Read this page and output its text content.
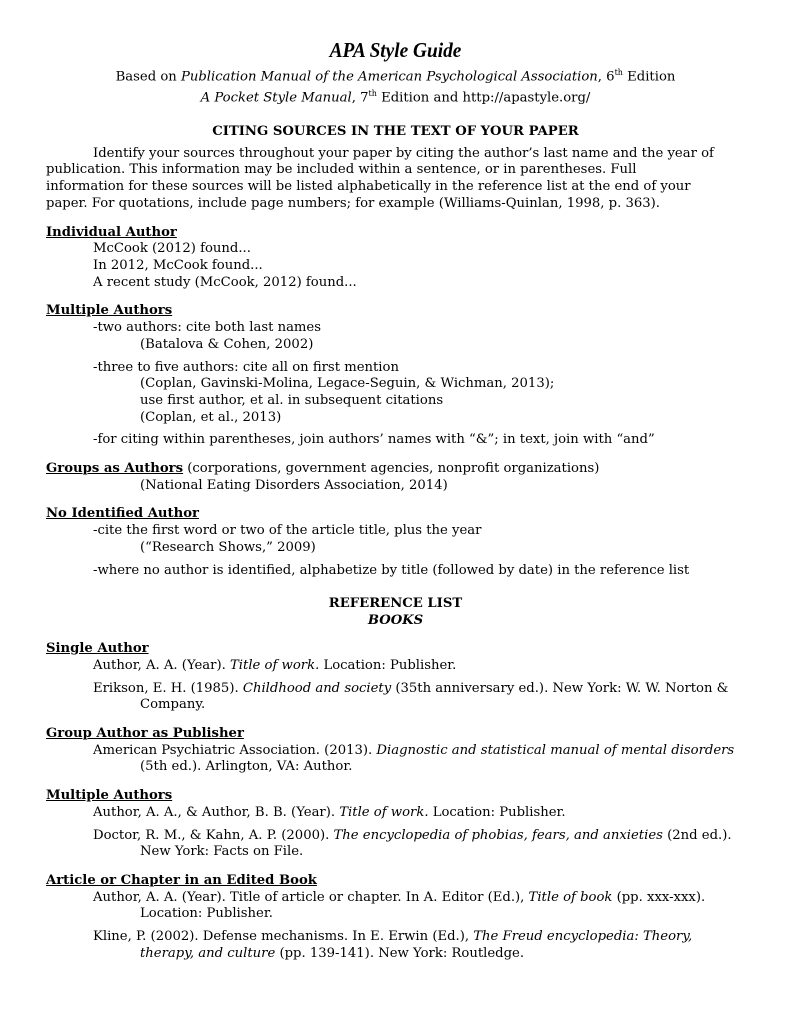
APA Style Guide

Based on Publication Manual of the American Psychological Association, 6th Edition

A Pocket Style Manual, 7th Edition and http://apastyle.org/

CITING SOURCES IN THE TEXT OF YOUR PAPER

Identify your sources throughout your paper by citing the author’s last name and the year of

publication. This information may be included within a sentence, or in parentheses. Full

information for these sources will be listed alphabetically in the reference list at the end of your

paper. For quotations, include page numbers; for example (Williams-Quinlan, 1998, p. 363).

Individual Author

McCook (2012) found...

In 2012, McCook found...

A recent study (McCook, 2012) found...

Multiple Authors

-two authors: cite both last names

(Batalova & Cohen, 2002)

-three to five authors: cite all on first mention

(Coplan, Gavinski-Molina, Legace-Seguin, & Wichman, 2013);

use first author, et al. in subsequent citations

(Coplan, et al., 2013)

-for citing within parentheses, join authors’ names with “&”; in text, join with “and”

Groups as Authors (corporations, government agencies, nonprofit organizations)

(National Eating Disorders Association, 2014)

No Identified Author

-cite the first word or two of the article title, plus the year

(“Research Shows,” 2009)

-where no author is identified, alphabetize by title (followed by date) in the reference list

REFERENCE LIST
BOOKS

Single Author

Author, A. A. (Year). Title of work. Location: Publisher.

Erikson, E. H. (1985). Childhood and society (35th anniversary ed.). New York: W. W. Norton & Company.

Group Author as Publisher

American Psychiatric Association. (2013). Diagnostic and statistical manual of mental disorders (5th ed.). Arlington, VA: Author.

Multiple Authors

Author, A. A., & Author, B. B. (Year). Title of work. Location: Publisher.

Doctor, R. M., & Kahn, A. P. (2000). The encyclopedia of phobias, fears, and anxieties (2nd ed.). New York: Facts on File.

Article or Chapter in an Edited Book

Author, A. A. (Year). Title of article or chapter. In A. Editor (Ed.), Title of book (pp. xxx-xxx). Location: Publisher.

Kline, P. (2002). Defense mechanisms. In E. Erwin (Ed.), The Freud encyclopedia: Theory, therapy, and culture (pp. 139-141). New York: Routledge.
